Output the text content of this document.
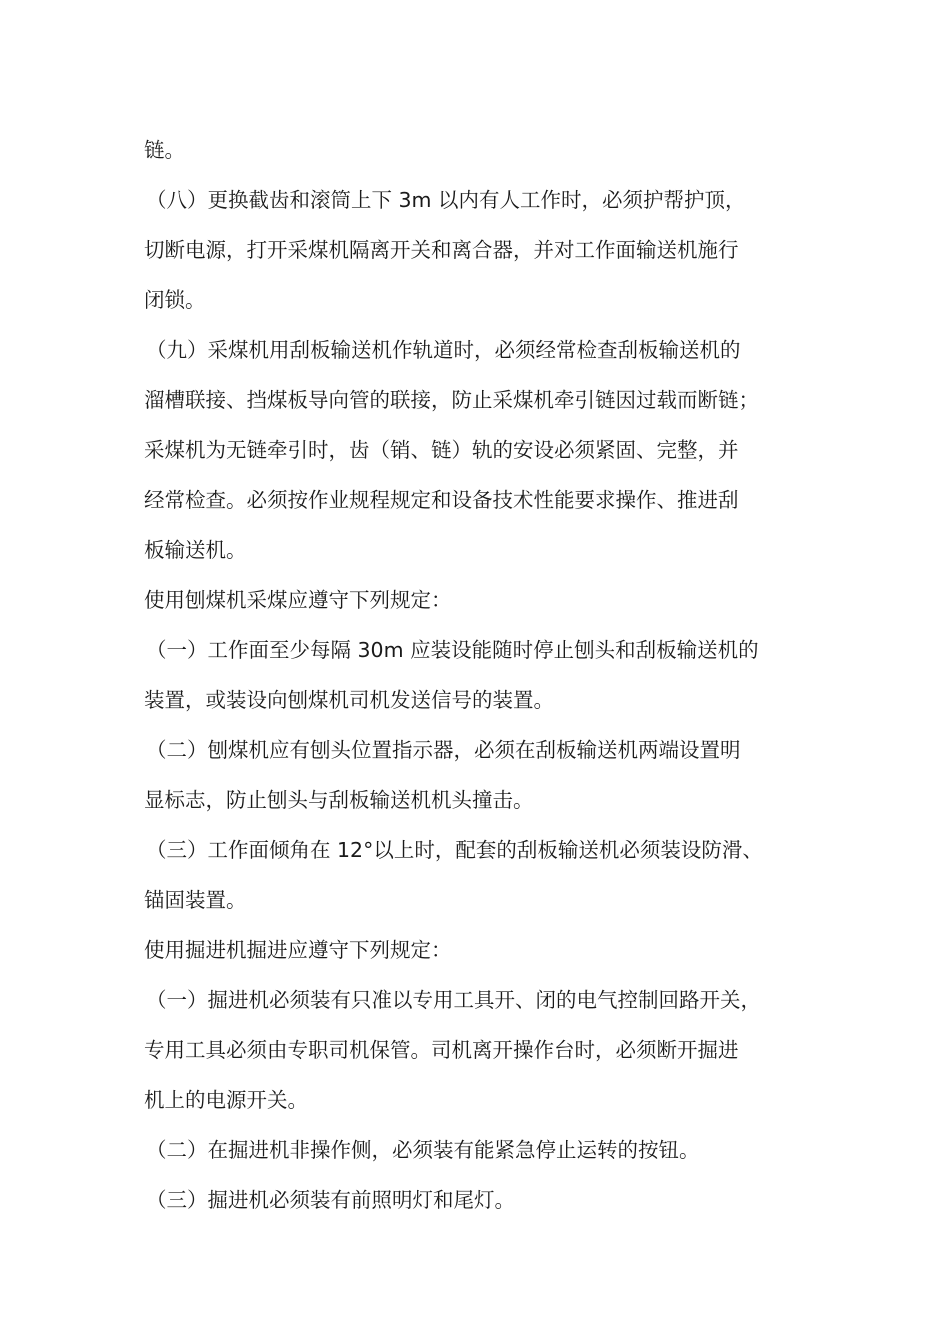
链。
（八）更换截齿和滚筒上下 3m 以内有人工作时，必须护帮护顶，
切断电源，打开采煤机隔离开关和离合器，并对工作面输送机施行
闭锁。
（九）采煤机用刮板输送机作轨道时，必须经常检查刮板输送机的
溜槽联接、挡煤板导向管的联接，防止采煤机牵引链因过载而断链；
采煤机为无链牵引时，齿（销、链）轨的安设必须紧固、完整，并
经常检查。必须按作业规程规定和设备技术性能要求操作、推进刮
板输送机。
使用刨煤机采煤应遵守下列规定：
（一）工作面至少每隔 30m 应装设能随时停止刨头和刮板输送机的
装置，或装设向刨煤机司机发送信号的装置。
（二）刨煤机应有刨头位置指示器，必须在刮板输送机两端设置明
显标志，防止刨头与刮板输送机机头撞击。
（三）工作面倾角在 12°以上时，配套的刮板输送机必须装设防滑、
锚固装置。
使用掘进机掘进应遵守下列规定：
（一）掘进机必须装有只准以专用工具开、闭的电气控制回路开关，
专用工具必须由专职司机保管。司机离开操作台时，必须断开掘进
机上的电源开关。
（二）在掘进机非操作侧，必须装有能紧急停止运转的按钮。
（三）掘进机必须装有前照明灯和尾灯。
